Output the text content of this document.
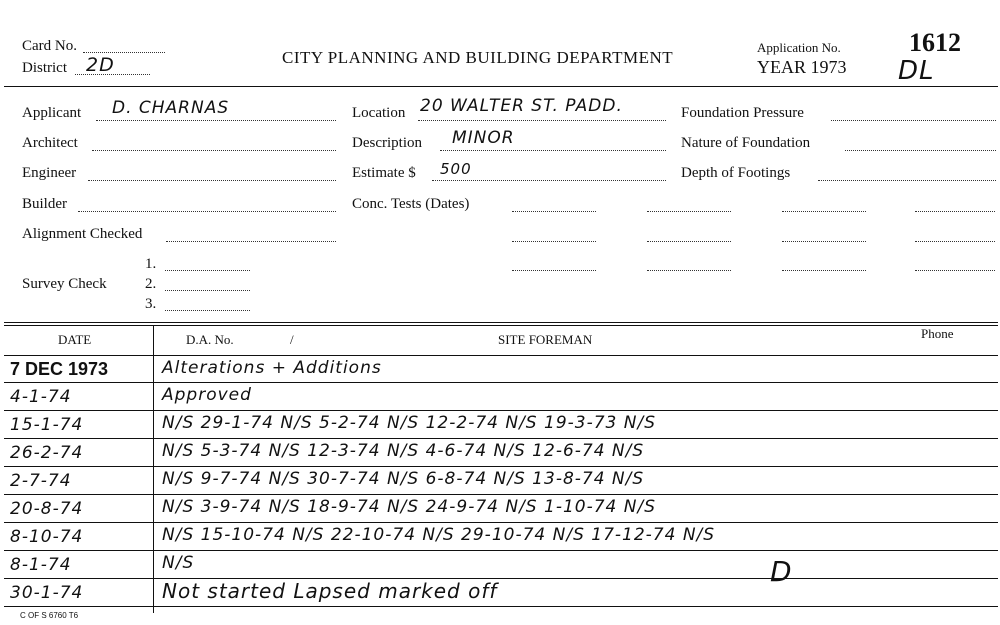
Card No.
District 2D	CITY PLANNING AND BUILDING DEPARTMENT
Application No.	1612
YEAR 1973 DL
Applicant D. CHARNAS
Architect
Engineer
Builder
Alignment Checked
Survey Check
1.
2.
3.
Location 20 WALTER ST. PADD.
Description MINOR
Estimate $ 500
Conc. Tests (Dates)
Foundation Pressure
Nature of Foundation
Depth of Footings
DATE	D.A. No.	/	SITE FOREMAN	Phone
7 DEC 1973	Alterations + Additions
4-1-74	Approved
15-1-74	N/S 29-1-74 N/S 5-2-74 N/S 12-2-74 N/S 19-3-73 N/S
26-2-74	N/S 5-3-74 N/S 12-3-74 N/S 4-6-74 N/S 12-6-74 N/S
2-7-74	N/S 9-7-74 N/S 30-7-74 N/S 6-8-74 N/S 13-8-74 N/S
20-8-74	N/S 3-9-74 N/S 18-9-74 N/S 24-9-74 N/S 1-10-74 N/S
8-10-74	N/S 15-10-74 N/S 22-10-74 N/S 29-10-74 N/S 17-12-74 N/S
8-1-74	N/S
30-1-74	Not started Lapsed marked off
D
C OF S 6760 T6
